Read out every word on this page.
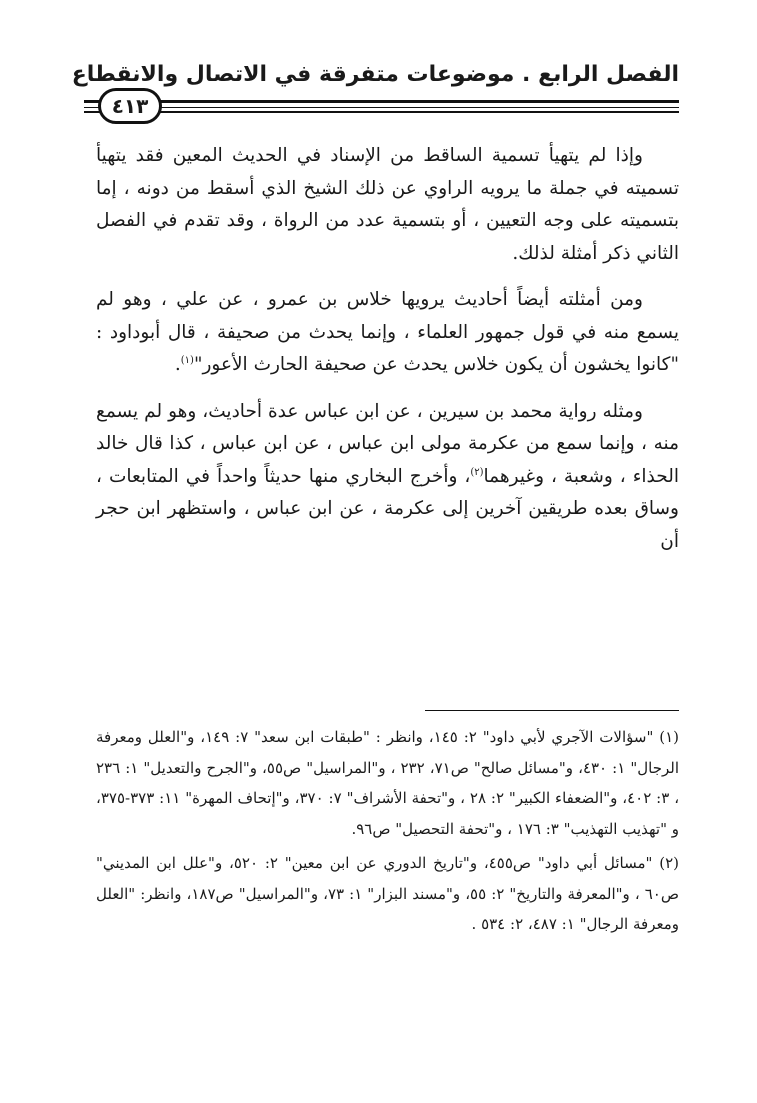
الفصل الرابع . موضوعات متفرقة في الاتصال والانقطاع
٤١٣

وإذا لم يتهيأ تسمية الساقط من الإسناد في الحديث المعين فقد يتهيأ تسميته في جملة ما يرويه الراوي عن ذلك الشيخ الذي أسقط من دونه ، إما بتسميته على وجه التعيين ، أو بتسمية عدد من الرواة ، وقد تقدم في الفصل الثاني ذكر أمثلة لذلك.

ومن أمثلته أيضاً أحاديث يرويها خلاس بن عمرو ، عن علي ، وهو لم يسمع منه في قول جمهور العلماء ، وإنما يحدث من صحيفة ، قال أبوداود : "كانوا يخشون أن يكون خلاس يحدث عن صحيفة الحارث الأعور"$^{(١)}$.

ومثله رواية محمد بن سيرين ، عن ابن عباس عدة أحاديث، وهو لم يسمع منه ، وإنما سمع من عكرمة مولى ابن عباس ، عن ابن عباس ، كذا قال خالد الحذاء ، وشعبة ، وغيرهما$^{(٢)}$، وأخرج البخاري منها حديثاً واحداً في المتابعات ، وساق بعده طريقين آخرين إلى عكرمة ، عن ابن عباس ، واستظهر ابن حجر أن

(١) "سؤالات الآجري لأبي داود" ٢: ١٤٥، وانظر : "طبقات ابن سعد" ٧: ١٤٩، و"العلل ومعرفة الرجال" ١: ٤٣٠، و"مسائل صالح" ص٧١، ٢٣٢ ، و"المراسيل" ص٥٥، و"الجرح والتعديل" ١: ٢٣٦ ، ٣: ٤٠٢، و"الضعفاء الكبير" ٢: ٢٨ ، و"تحفة الأشراف" ٧: ٣٧٠، و"إتحاف المهرة" ١١: ٣٧٣-٣٧٥، و "تهذيب التهذيب" ٣: ١٧٦ ، و"تحفة التحصيل" ص٩٦.

(٢) "مسائل أبي داود" ص٤٥٥، و"تاريخ الدوري عن ابن معين" ٢: ٥٢٠، و"علل ابن المديني" ص٦٠ ، و"المعرفة والتاريخ" ٢: ٥٥، و"مسند البزار" ١: ٧٣، و"المراسيل" ص١٨٧، وانظر: "العلل ومعرفة الرجال" ١: ٤٨٧، ٢: ٥٣٤ .
